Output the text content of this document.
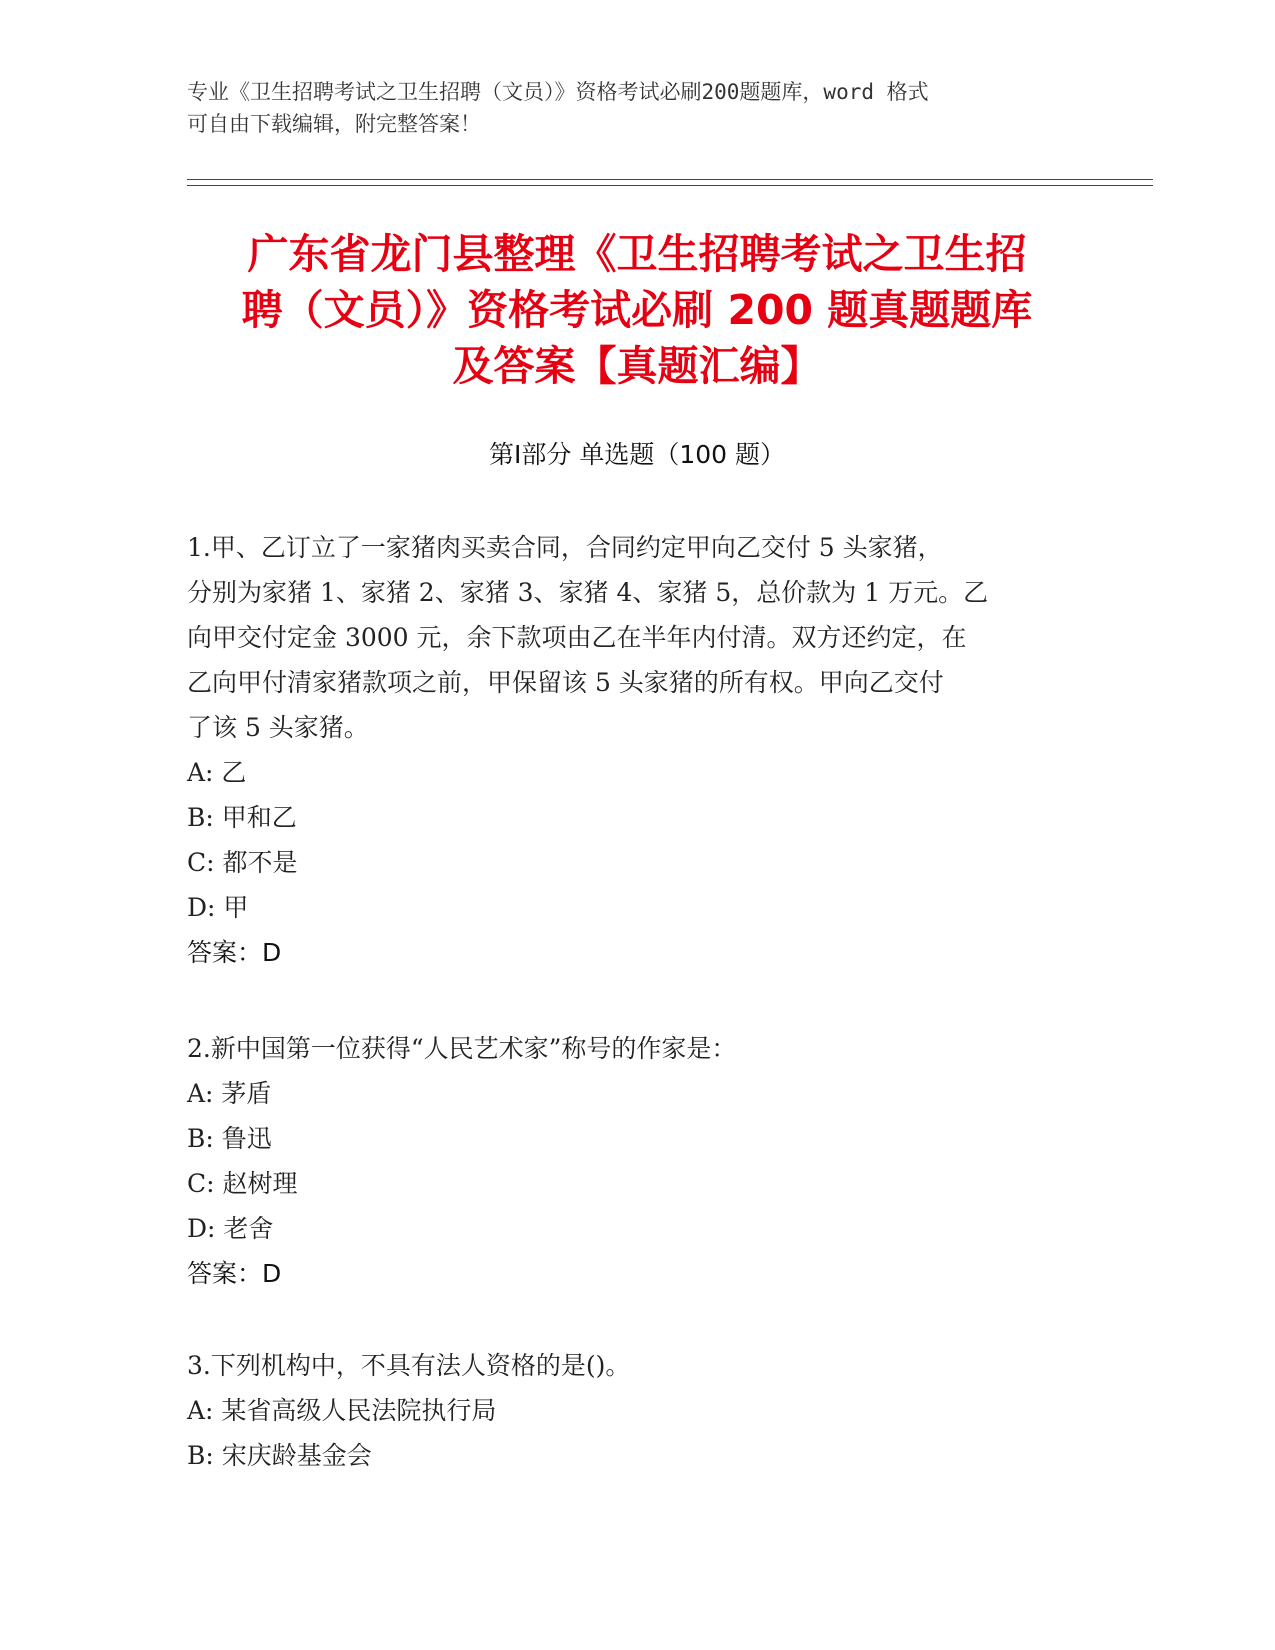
专业《卫生招聘考试之卫生招聘（文员）》资格考试必刷200题题库，word 格式
可自由下载编辑，附完整答案！
广东省龙门县整理《卫生招聘考试之卫生招
聘（文员）》资格考试必刷 200 题真题题库
及答案【真题汇编】
第Ⅰ部分 单选题（100 题）
1.甲、乙订立了一家猪肉买卖合同，合同约定甲向乙交付 5 头家猪，
分别为家猪 1、家猪 2、家猪 3、家猪 4、家猪 5，总价款为 1 万元。乙
向甲交付定金 3000 元，余下款项由乙在半年内付清。双方还约定，在
乙向甲付清家猪款项之前，甲保留该 5 头家猪的所有权。甲向乙交付
了该 5 头家猪。
A: 乙
B: 甲和乙
C: 都不是
D: 甲
答案：D
2.新中国第一位获得“人民艺术家”称号的作家是：
A: 茅盾
B: 鲁迅
C: 赵树理
D: 老舍
答案：D
3.下列机构中，不具有法人资格的是()。
A: 某省高级人民法院执行局
B: 宋庆龄基金会
